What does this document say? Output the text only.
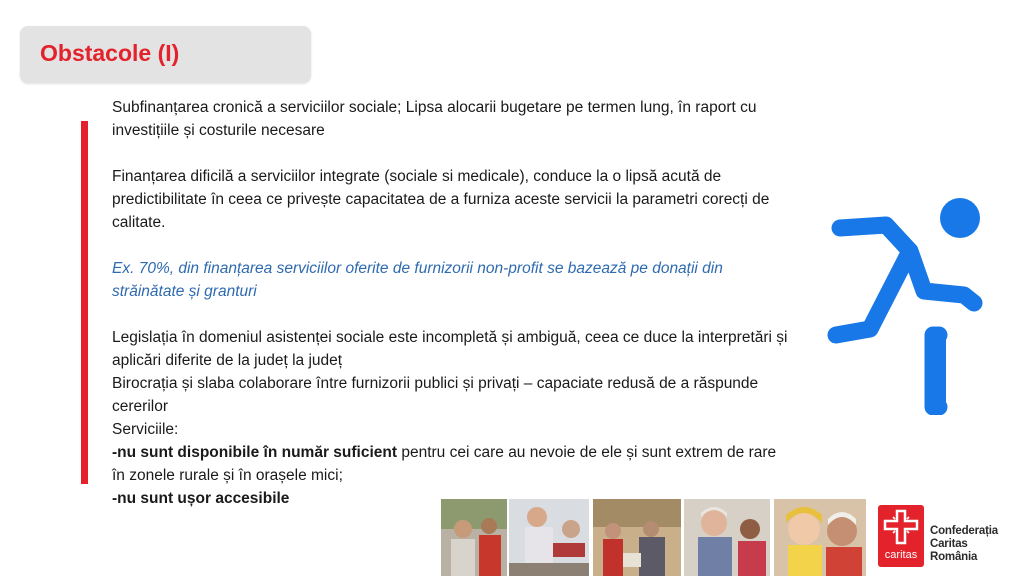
Obstacole (I)

Subfinanțarea cronică a serviciilor sociale; Lipsa alocarii bugetare pe termen lung, în raport cu investițiile și costurile necesare

Finanțarea dificilă a serviciilor integrate (sociale si medicale), conduce la o lipsă acută de predictibilitate în ceea ce privește capacitatea de a furniza aceste servicii la parametri corecți de calitate.

Ex. 70%, din finanțarea serviciilor oferite de furnizorii non-profit se bazează pe donații din străinătate și granturi

Legislația în domeniul asistenței sociale este incompletă și ambiguă, ceea ce duce la interpretări și aplicări diferite de la județ la județ

Birocrația și slaba colaborare între furnizorii publici și privați – capaciate redusă de a răspunde cererilor

Serviciile:

-nu sunt disponibile în număr suficient pentru cei care au nevoie de ele și sunt extrem de rare în zonele rurale și în orașele mici;

-nu sunt ușor accesibile

caritas
Confederația
Caritas
România
